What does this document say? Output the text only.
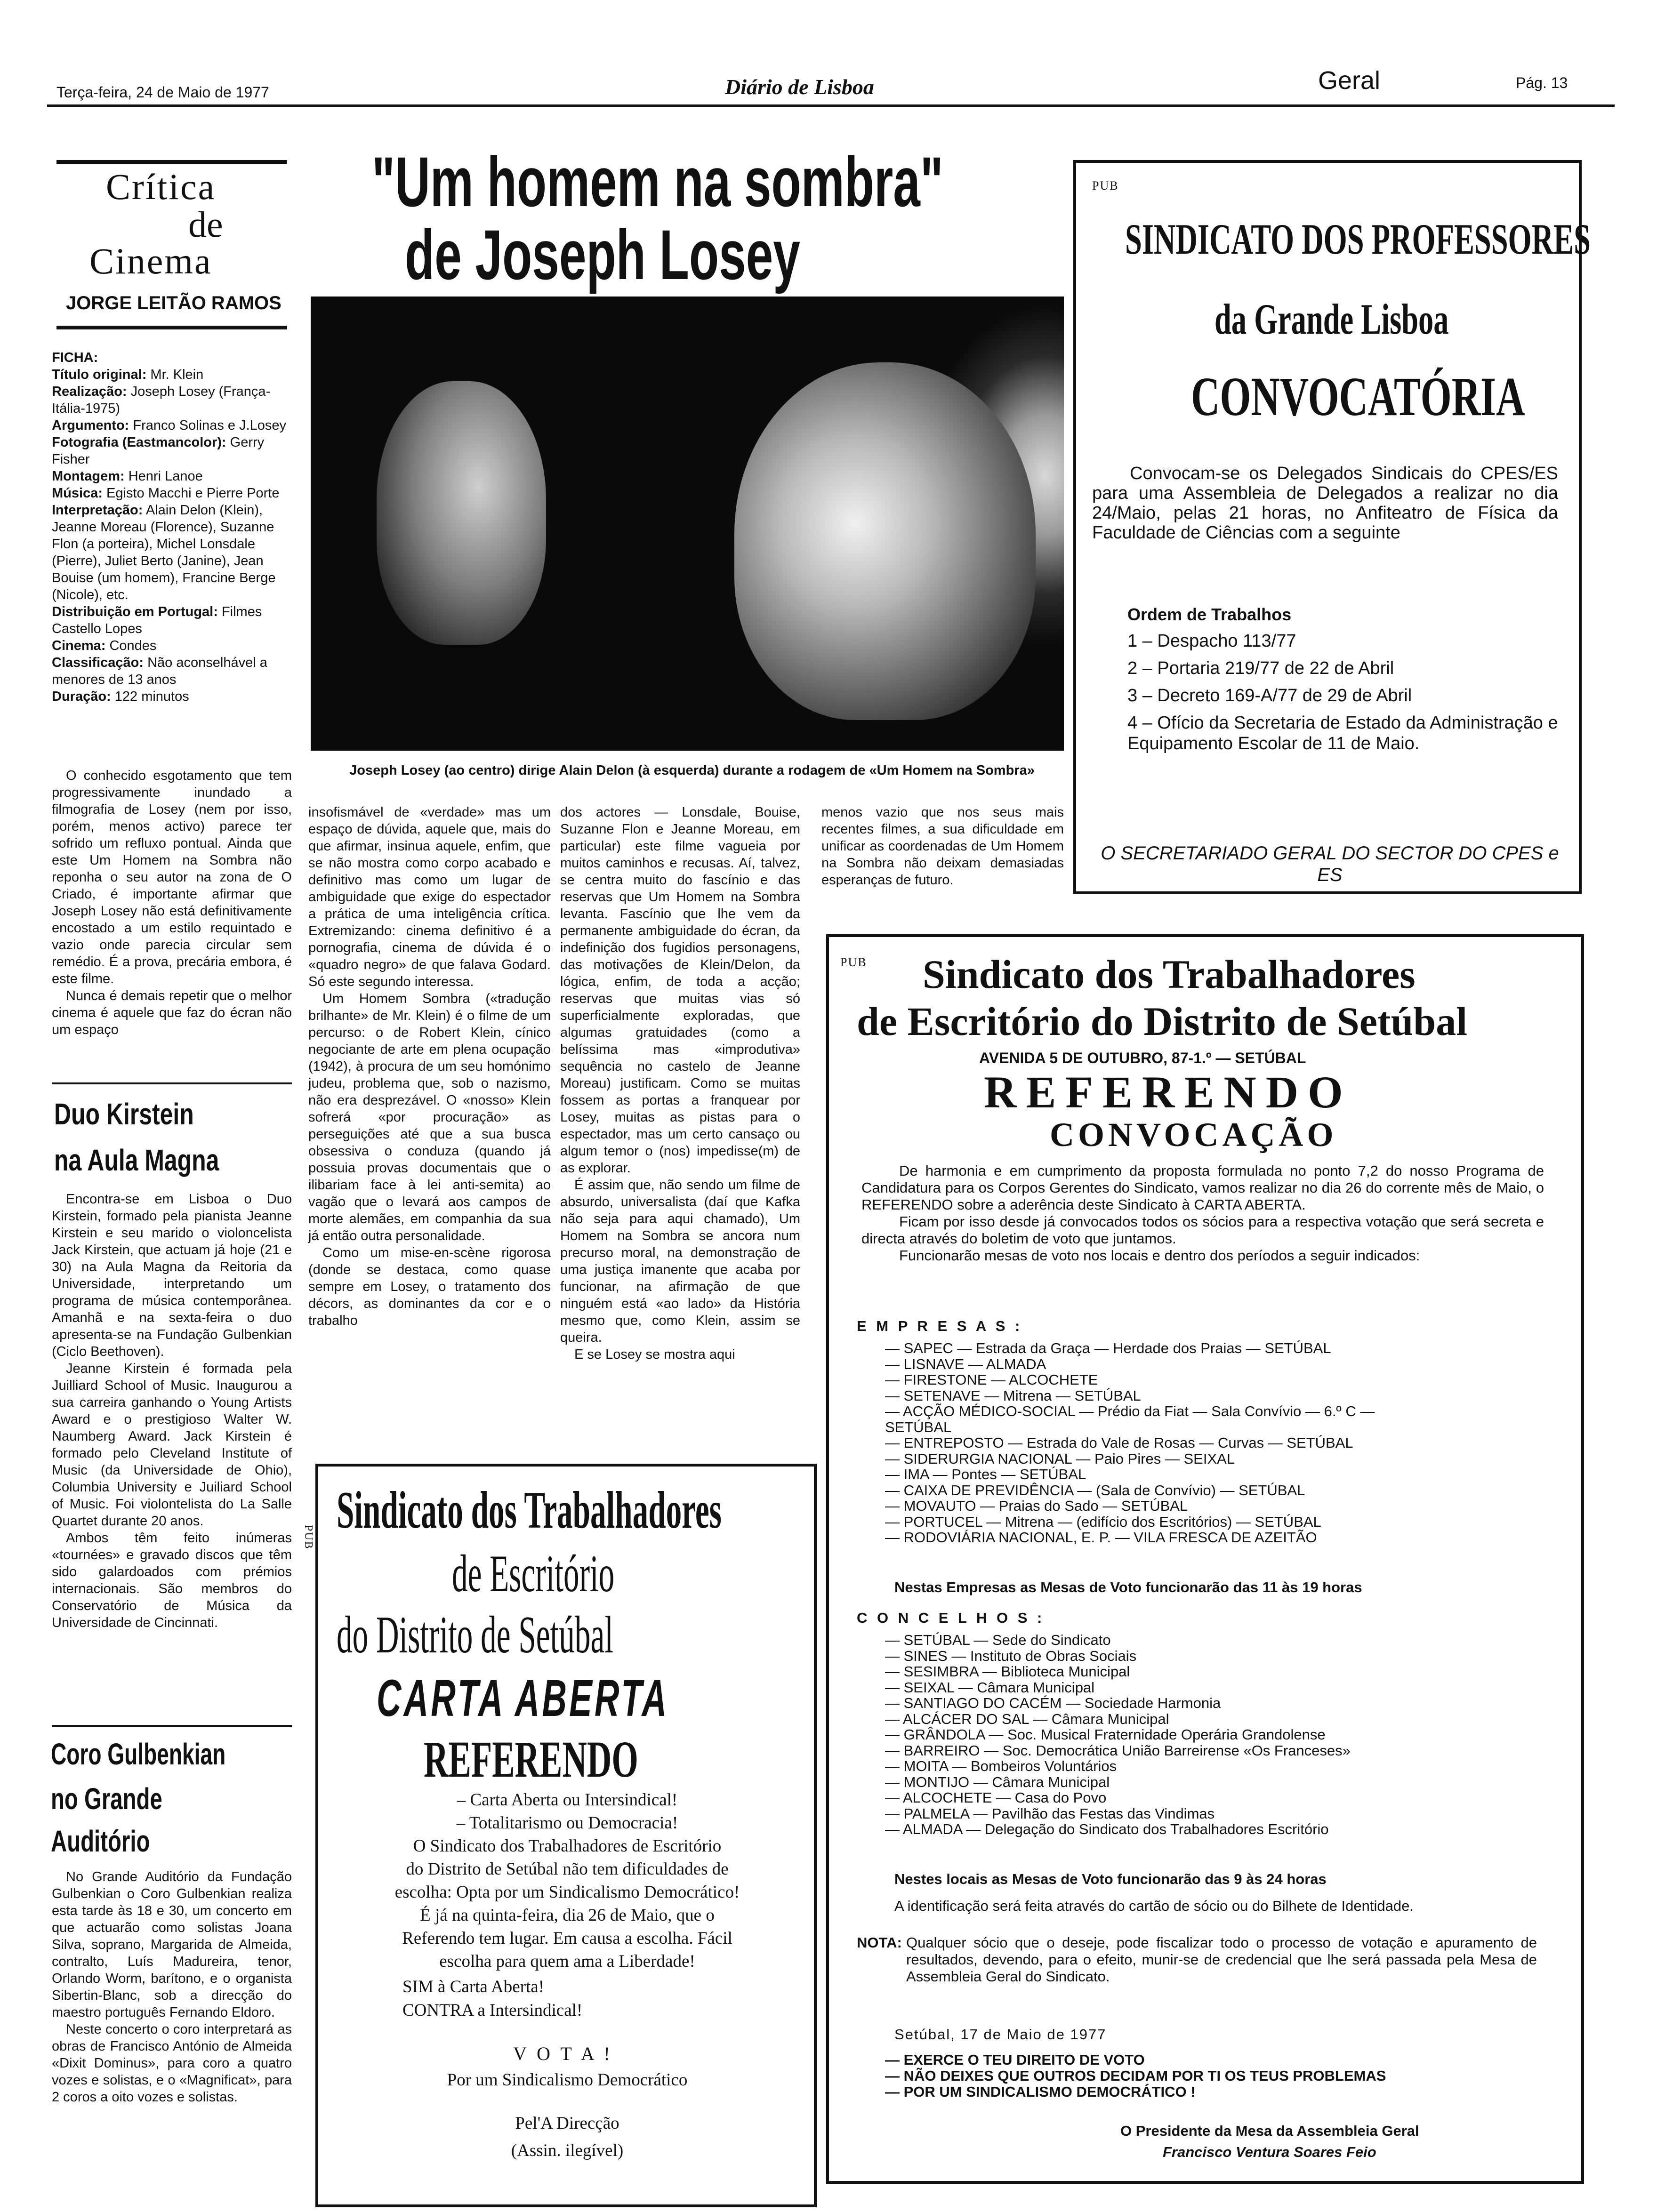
Terça-feira, 24 de Maio de 1977	Diário de Lisboa	Geral	Pág. 13
Crítica
de
Cinema
JORGE LEITÃO RAMOS
FICHA:
Título original: Mr. Klein
Realização: Joseph Losey (França-Itália-1975)
Argumento: Franco Solinas e J.Losey
Fotografia (Eastmancolor): Gerry Fisher
Montagem: Henri Lanoe
Música: Egisto Macchi e Pierre Porte
Interpretação: Alain Delon (Klein), Jeanne Moreau (Florence), Suzanne Flon (a porteira), Michel Lonsdale (Pierre), Juliet Berto (Janine), Jean Bouise (um homem), Francine Berge (Nicole), etc.
Distribuição em Portugal: Filmes Castello Lopes
Cinema: Condes
Classificação: Não aconselhável a menores de 13 anos
Duração: 122 minutos

O conhecido esgotamento que tem progressivamente inundado a filmografia de Losey (nem por isso, porém, menos activo) parece ter sofrido um refluxo pontual. Ainda que este Um Homem na Sombra não reponha o seu autor na zona de O Criado, é importante afirmar que Joseph Losey não está definitivamente encostado a um estilo requintado e vazio onde parecia circular sem remédio. É a prova, precária embora, é este filme.

Nunca é demais repetir que o melhor cinema é aquele que faz do écran não um espaço

Duo Kirstein
na Aula Magna

Encontra-se em Lisboa o Duo Kirstein, formado pela pianista Jeanne Kirstein e seu marido o violoncelista Jack Kirstein, que actuam já hoje (21 e 30) na Aula Magna da Reitoria da Universidade, interpretando um programa de música contemporânea. Amanhã e na sexta-feira o duo apresenta-se na Fundação Gulbenkian (Ciclo Beethoven).

Jeanne Kirstein é formada pela Juilliard School of Music. Inaugurou a sua carreira ganhando o Young Artists Award e o prestigioso Walter W. Naumberg Award. Jack Kirstein é formado pelo Cleveland Institute of Music (da Universidade de Ohio), Columbia University e Juiliard School of Music. Foi violontelista do La Salle Quartet durante 20 anos.

Ambos têm feito inúmeras «tournées» e gravado discos que têm sido galardoados com prémios internacionais. São membros do Conservatório de Música da Universidade de Cincinnati.

Coro Gulbenkian
no Grande
Auditório

No Grande Auditório da Fundação Gulbenkian o Coro Gulbenkian realiza esta tarde às 18 e 30, um concerto em que actuarão como solistas Joana Silva, soprano, Margarida de Almeida, contralto, Luís Madureira, tenor, Orlando Worm, barítono, e o organista Sibertin-Blanc, sob a direcção do maestro português Fernando Eldoro.

Neste concerto o coro interpretará as obras de Francisco António de Almeida «Dixit Dominus», para coro a quatro vozes e solistas, e o «Magnificat», para 2 coros a oito vozes e solistas.

"Um homem na sombra"
de Joseph Losey
Joseph Losey (ao centro) dirige Alain Delon (à esquerda) durante a rodagem de «Um Homem na Sombra»

insofismável de «verdade» mas um espaço de dúvida, aquele que, mais do que afirmar, insinua aquele, enfim, que se não mostra como corpo acabado e definitivo mas como um lugar de ambiguidade que exige do espectador a prática de uma inteligência crítica. Extremizando: cinema definitivo é a pornografia, cinema de dúvida é o «quadro negro» de que falava Godard. Só este segundo interessa.

Um Homem Sombra («tradução brilhante» de Mr. Klein) é o filme de um percurso: o de Robert Klein, cínico negociante de arte em plena ocupação (1942), à procura de um seu homónimo judeu, problema que, sob o nazismo, não era desprezável. O «nosso» Klein sofrerá «por procuração» as perseguições até que a sua busca obsessiva o conduza (quando já possuia provas documentais que o ilibariam face à lei anti-semita) ao vagão que o levará aos campos de morte alemães, em companhia da sua já então outra personalidade.

Como um mise-en-scène rigorosa (donde se destaca, como quase sempre em Losey, o tratamento dos décors, as dominantes da cor e o trabalho

dos actores — Lonsdale, Bouise, Suzanne Flon e Jeanne Moreau, em particular) este filme vagueia por muitos caminhos e recusas. Aí, talvez, se centra muito do fascínio e das reservas que Um Homem na Sombra levanta. Fascínio que lhe vem da permanente ambiguidade do écran, da indefinição dos fugidios personagens, das motivações de Klein/Delon, da lógica, enfim, de toda a acção; reservas que muitas vias só superficialmente exploradas, que algumas gratuidades (como a belíssima mas «improdutiva» sequência no castelo de Jeanne Moreau) justificam. Como se muitas fossem as portas a franquear por Losey, muitas as pistas para o espectador, mas um certo cansaço ou algum temor o (nos) impedisse(m) de as explorar.

É assim que, não sendo um filme de absurdo, universalista (daí que Kafka não seja para aqui chamado), Um Homem na Sombra se ancora num precurso moral, na demonstração de uma justiça imanente que acaba por funcionar, na afirmação de que ninguém está «ao lado» da História mesmo que, como Klein, assim se queira.

E se Losey se mostra aqui

menos vazio que nos seus mais recentes filmes, a sua dificuldade em unificar as coordenadas de Um Homem na Sombra não deixam demasiadas esperanças de futuro.

PUB
SINDICATO DOS PROFESSORES
da Grande Lisboa
CONVOCATÓRIA
Convocam-se os Delegados Sindicais do CPES/ES para uma Assembleia de Delegados a realizar no dia 24/Maio, pelas 21 horas, no Anfiteatro de Física da Faculdade de Ciências com a seguinte
Ordem de Trabalhos
1 – Despacho 113/77
2 – Portaria 219/77 de 22 de Abril
3 – Decreto 169-A/77 de 29 de Abril
4 – Ofício da Secretaria de Estado da Administração e Equipamento Escolar de 11 de Maio.
O SECRETARIADO GERAL DO SECTOR DO CPES e ES
PUB Sindicato dos Trabalhadores
de Escritório
do Distrito de Setúbal
CARTA ABERTA
REFERENDO
– Carta Aberta ou Intersindical!
– Totalitarismo ou Democracia!
O Sindicato dos Trabalhadores de Escritório
do Distrito de Setúbal não tem dificuldades de
escolha: Opta por um Sindicalismo Democrático!
É já na quinta-feira, dia 26 de Maio, que o
Referendo tem lugar. Em causa a escolha. Fácil
escolha para quem ama a Liberdade!
SIM à Carta Aberta!
CONTRA a Intersindical!
V O T A !
Por um Sindicalismo Democrático
Pel'A Direcção
(Assin. ilegível)
PUB Sindicato dos Trabalhadores
de Escritório do Distrito de Setúbal
AVENIDA 5 DE OUTUBRO, 87-1.º — SETÚBAL
REFERENDO
CONVOCAÇÃO
De harmonia e em cumprimento da proposta formulada no ponto 7,2 do nosso Programa de Candidatura para os Corpos Gerentes do Sindicato, vamos realizar no dia 26 do corrente mês de Maio, o REFERENDO sobre a aderência deste Sindicato à CARTA ABERTA.
Ficam por isso desde já convocados todos os sócios para a respectiva votação que será secreta e directa através do boletim de voto que juntamos.
Funcionarão mesas de voto nos locais e dentro dos períodos a seguir indicados:
E M P R E S A S :
— SAPEC — Estrada da Graça — Herdade dos Praias — SETÚBAL
— LISNAVE — ALMADA
— FIRESTONE — ALCOCHETE
— SETENAVE — Mitrena — SETÚBAL
— ACÇÃO MÉDICO-SOCIAL — Prédio da Fiat — Sala Convívio — 6.º C —
SETÚBAL
— ENTREPOSTO — Estrada do Vale de Rosas — Curvas — SETÚBAL
— SIDERURGIA NACIONAL — Paio Pires — SEIXAL
— IMA — Pontes — SETÚBAL
— CAIXA DE PREVIDÊNCIA — (Sala de Convívio) — SETÚBAL
— MOVAUTO — Praias do Sado — SETÚBAL
— PORTUCEL — Mitrena — (edifício dos Escritórios) — SETÚBAL
— RODOVIÁRIA NACIONAL, E. P. — VILA FRESCA DE AZEITÃO
Nestas Empresas as Mesas de Voto funcionarão das 11 às 19 horas
C O N C E L H O S :
— SETÚBAL — Sede do Sindicato
— SINES — Instituto de Obras Sociais
— SESIMBRA — Biblioteca Municipal
— SEIXAL — Câmara Municipal
— SANTIAGO DO CACÉM — Sociedade Harmonia
— ALCÁCER DO SAL — Câmara Municipal
— GRÂNDOLA — Soc. Musical Fraternidade Operária Grandolense
— BARREIRO — Soc. Democrática União Barreirense «Os Franceses»
— MOITA — Bombeiros Voluntários
— MONTIJO — Câmara Municipal
— ALCOCHETE — Casa do Povo
— PALMELA — Pavilhão das Festas das Vindimas
— ALMADA — Delegação do Sindicato dos Trabalhadores Escritório
Nestes locais as Mesas de Voto funcionarão das 9 às 24 horas
A identificação será feita através do cartão de sócio ou do Bilhete de Identidade.
NOTA: Qualquer sócio que o deseje, pode fiscalizar todo o processo de votação e apuramento de resultados, devendo, para o efeito, munir-se de credencial que lhe será passada pela Mesa de Assembleia Geral do Sindicato.
Setúbal, 17 de Maio de 1977
— EXERCE O TEU DIREITO DE VOTO
— NÃO DEIXES QUE OUTROS DECIDAM POR TI OS TEUS PROBLEMAS
— POR UM SINDICALISMO DEMOCRÁTICO !
O Presidente da Mesa da Assembleia Geral
Francisco Ventura Soares Feio
